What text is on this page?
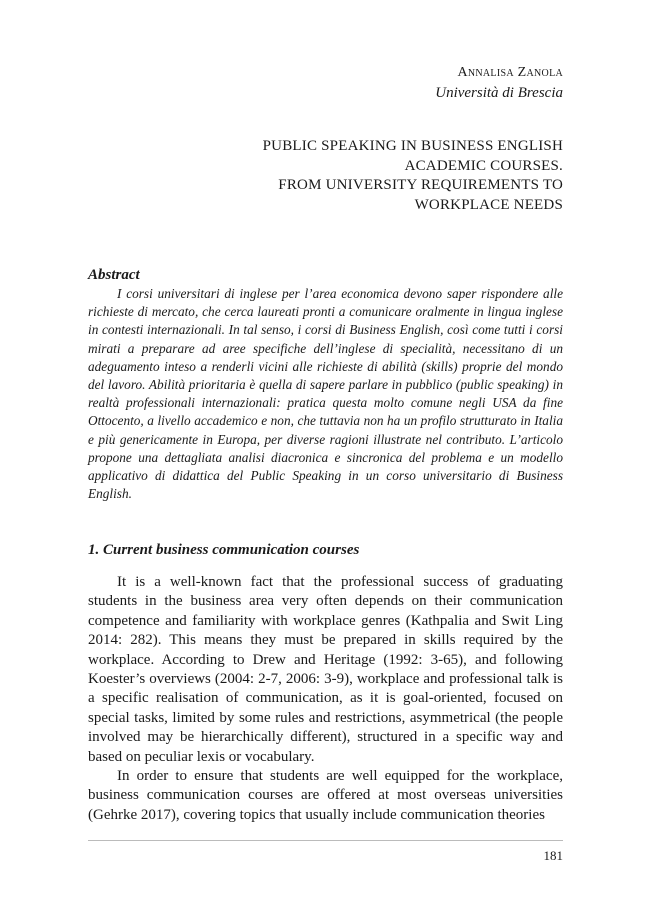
Annalisa Zanola
Università di Brescia
PUBLIC SPEAKING IN BUSINESS ENGLISH
ACADEMIC COURSES.
FROM UNIVERSITY REQUIREMENTS TO
WORKPLACE NEEDS
Abstract
I corsi universitari di inglese per l’area economica devono saper rispondere alle richieste di mercato, che cerca laureati pronti a comunicare oralmente in lingua inglese in contesti internazionali. In tal senso, i corsi di Business English, così come tutti i corsi mirati a preparare ad aree specifiche dell’inglese di specialità, necessitano di un adeguamento inteso a renderli vicini alle richieste di abilità (skills) proprie del mondo del lavoro. Abilità prioritaria è quella di sapere parlare in pubblico (public speaking) in realtà professionali internazionali: pratica questa molto comune negli USA da fine Ottocento, a livello accademico e non, che tuttavia non ha un profilo strutturato in Italia e più genericamente in Europa, per diverse ragioni illustrate nel contributo. L’articolo propone una dettagliata analisi diacronica e sincronica del problema e un modello applicativo di didattica del Public Speaking in un corso universitario di Business English.
1. Current business communication courses

It is a well-known fact that the professional success of graduating students in the business area very often depends on their communication competence and familiarity with workplace genres (Kathpalia and Swit Ling 2014: 282). This means they must be prepared in skills required by the workplace. According to Drew and Heritage (1992: 3-65), and following Koester’s overviews (2004: 2-7, 2006: 3-9), workplace and professional talk is a specific realisation of communication, as it is goal-oriented, focused on special tasks, limited by some rules and restrictions, asymmetrical (the people involved may be hierarchically different), structured in a specific way and based on peculiar lexis or vocabulary.

In order to ensure that students are well equipped for the workplace, business communication courses are offered at most overseas universities (Gehrke 2017), covering topics that usually include communication theories

181
